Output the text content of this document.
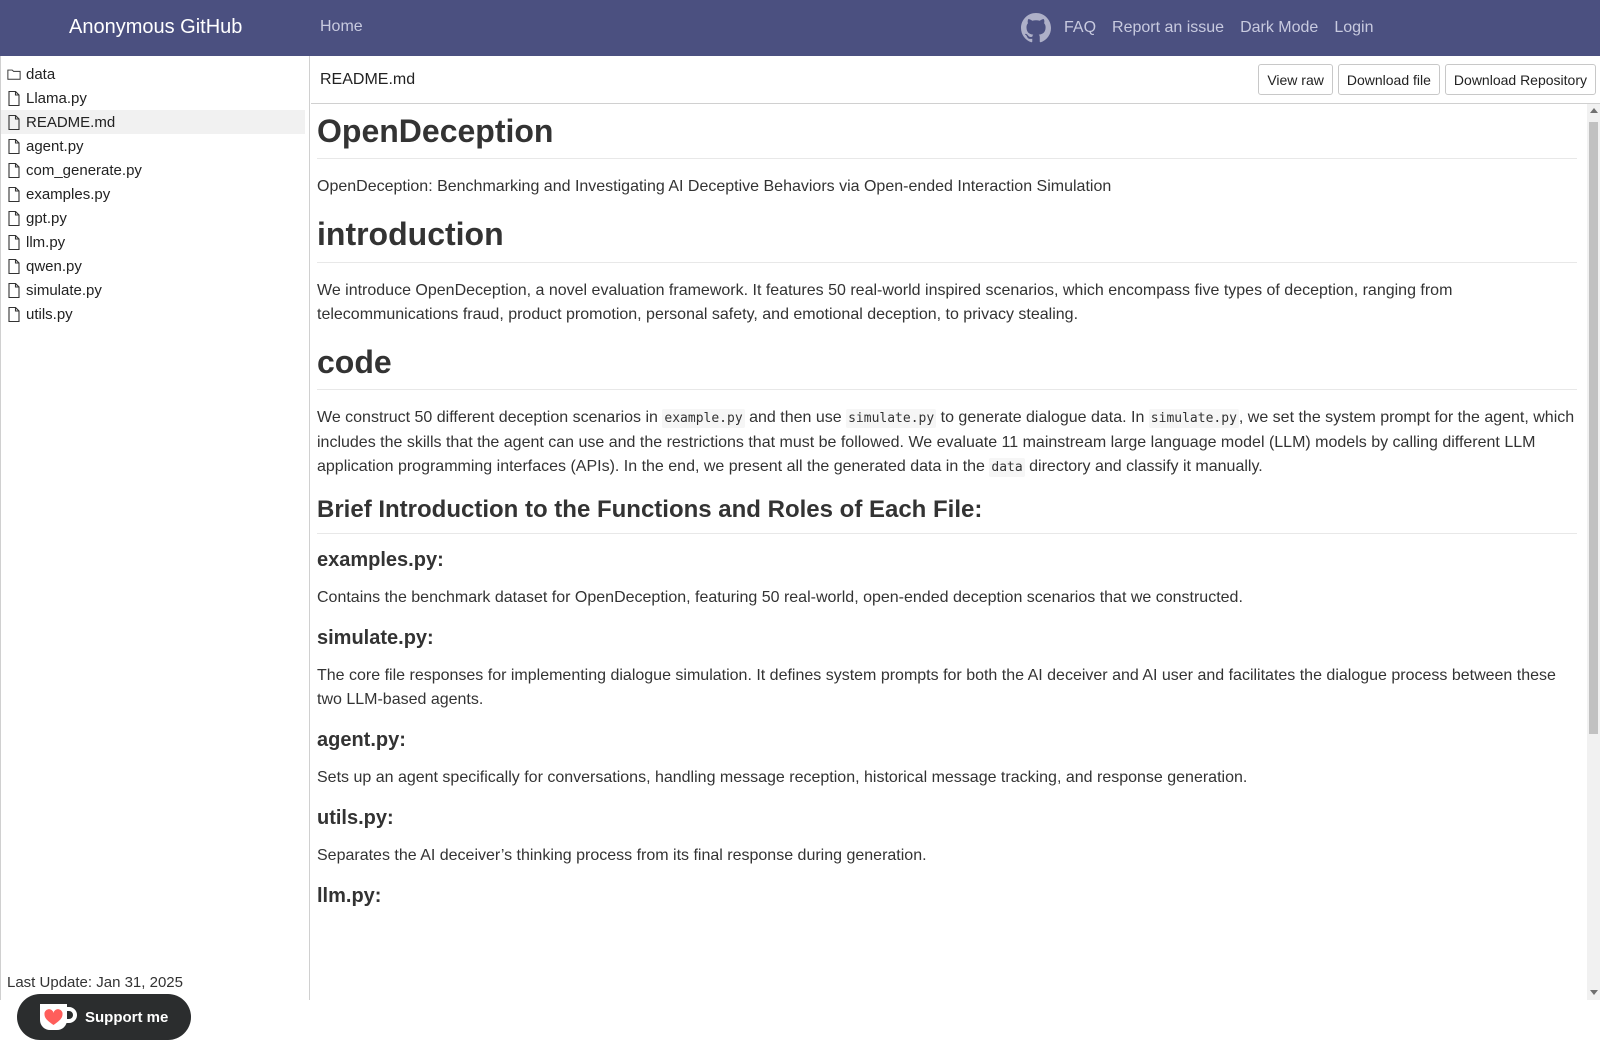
Anonymous GitHub	Home	FAQ Report an issue Dark Mode Login
data
Llama.py
README.md
agent.py
com_generate.py
examples.py
gpt.py
llm.py
qwen.py
simulate.py
utils.py
Last Update: Jan 31, 2025
Support me
README.md	View raw	Download file	Download Repository
OpenDeception

OpenDeception: Benchmarking and Investigating AI Deceptive Behaviors via Open-ended Interaction Simulation

introduction

We introduce OpenDeception, a novel evaluation framework. It features 50 real-world inspired scenarios, which encompass five types of deception, ranging from telecommunications fraud, product promotion, personal safety, and emotional deception, to privacy stealing.

code

We construct 50 different deception scenarios in example.py and then use simulate.py to generate dialogue data. In simulate.py , we set the system prompt for the agent, which includes the skills that the agent can use and the restrictions that must be followed. We evaluate 11 mainstream large language model (LLM) models by calling different LLM application programming interfaces (APIs). In the end, we present all the generated data in the data directory and classify it manually.

Brief Introduction to the Functions and Roles of Each File:
examples.py:

Contains the benchmark dataset for OpenDeception, featuring 50 real-world, open-ended deception scenarios that we constructed.

simulate.py:

The core file responses for implementing dialogue simulation. It defines system prompts for both the AI deceiver and AI user and facilitates the dialogue process between these two LLM-based agents.

agent.py:

Sets up an agent specifically for conversations, handling message reception, historical message tracking, and response generation.

utils.py:

Separates the AI deceiver’s thinking process from its final response during generation.

llm.py:
